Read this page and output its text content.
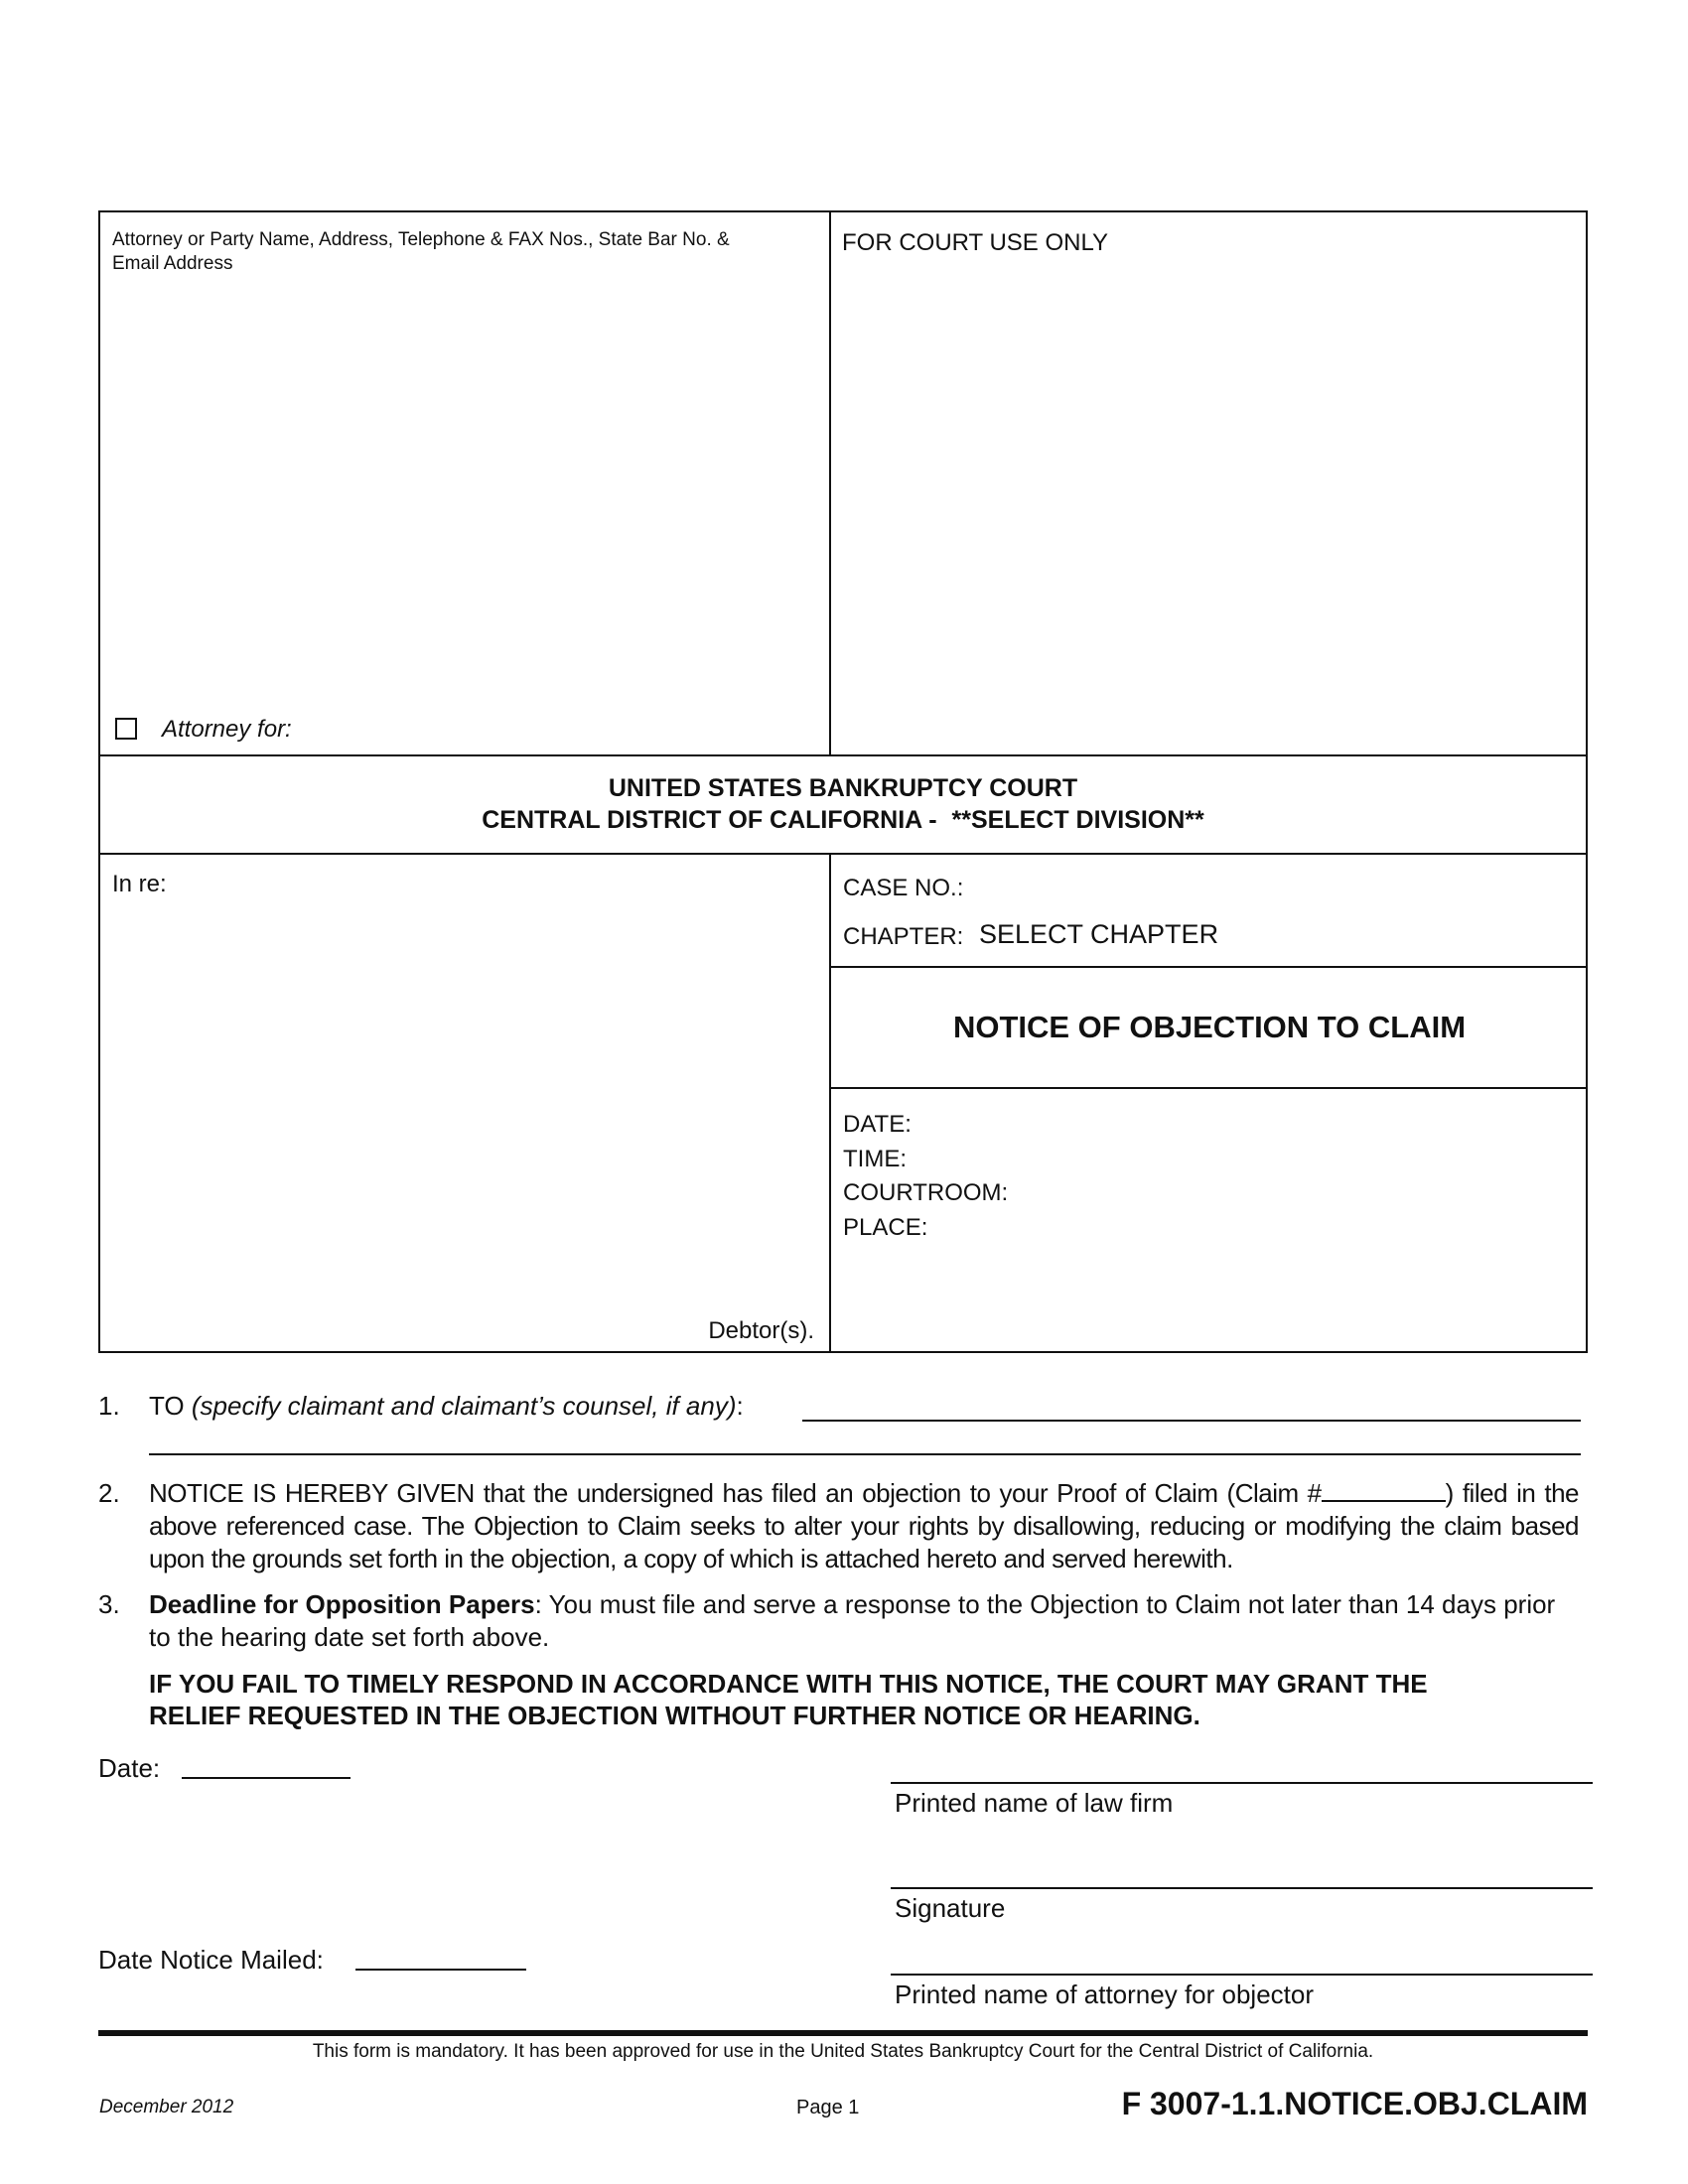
Attorney or Party Name, Address, Telephone & FAX Nos., State Bar No. &
Email Address
Attorney for:
FOR COURT USE ONLY
UNITED STATES BANKRUPTCY COURT
CENTRAL DISTRICT OF CALIFORNIA - **SELECT DIVISION**
In re:
Debtor(s).
CASE NO.:
CHAPTER: SELECT CHAPTER
NOTICE OF OBJECTION TO CLAIM
DATE:
TIME:
COURTROOM:
PLACE:
1. TO (specify claimant and claimant’s counsel, if any):
2. NOTICE IS HEREBY GIVEN that the undersigned has filed an objection to your Proof of Claim (Claim #	) filed in the above referenced case. The Objection to Claim seeks to alter your rights by disallowing, reducing or modifying the claim based upon the grounds set forth in the objection, a copy of which is attached hereto and served herewith.
3. Deadline for Opposition Papers: You must file and serve a response to the Objection to Claim not later than 14 days prior to the hearing date set forth above.
IF YOU FAIL TO TIMELY RESPOND IN ACCORDANCE WITH THIS NOTICE, THE COURT MAY GRANT THE
RELIEF REQUESTED IN THE OBJECTION WITHOUT FURTHER NOTICE OR HEARING.
Date:
Printed name of law firm
Signature
Date Notice Mailed:
Printed name of attorney for objector
This form is mandatory. It has been approved for use in the United States Bankruptcy Court for the Central District of California.
December 2012	Page 1	F 3007-1.1.NOTICE.OBJ.CLAIM
